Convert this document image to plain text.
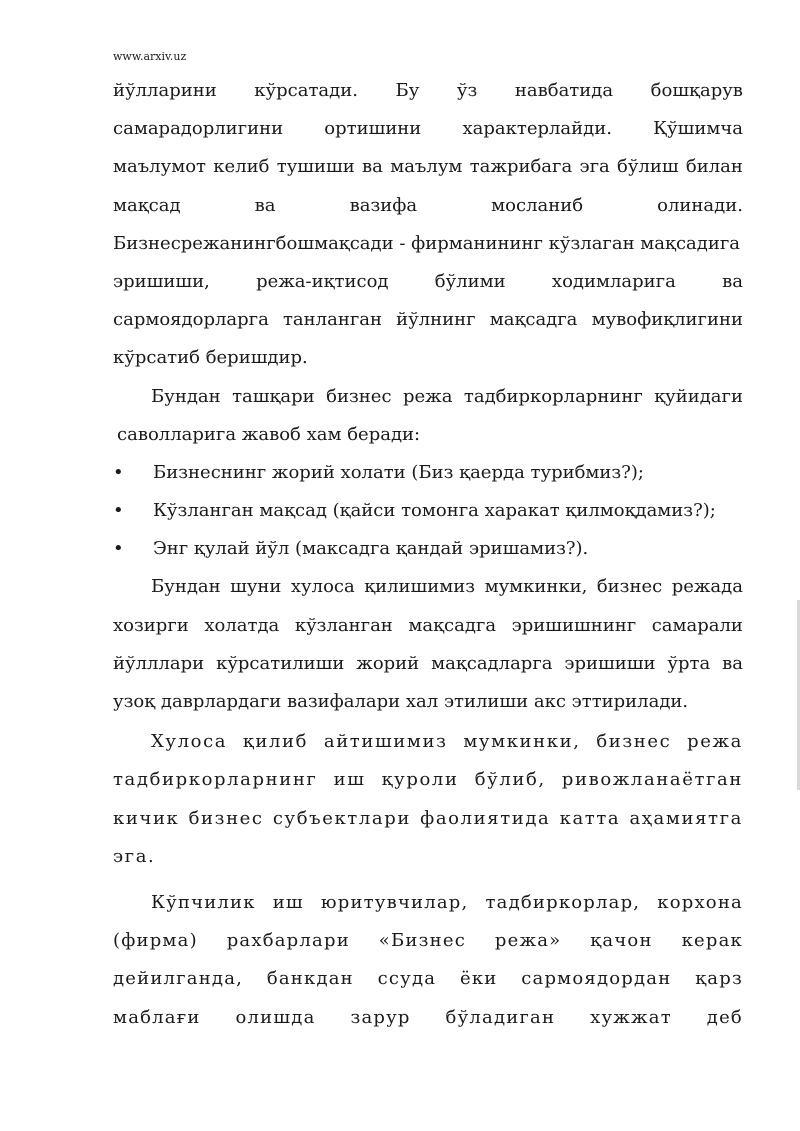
www.arxiv.uz
йўлларини кўрсатади. Бу ўз навбатида бошқарув
самарадорлигини ортишини характерлайди. Қўшимча
маълумот келиб тушиши ва маълум тажрибага эга бўлиш билан
мақсад	ва	вазифа	мосланиб	олинади.
Бизнесрежанингбошмақсади - фирманининг кўзлаган мақсадига
эришиши,	режа-иқтисод	бўлими	ходимларига	ва
сармоядорларга танланган йўлнинг мақсадга мувофиқлигини
кўрсатиб беришдир.
Бундан ташқари бизнес режа тадбиркорларнинг қуйидаги
саволларига жавоб хам беради:
•	Бизнеснинг жорий холати (Биз қаерда турибмиз?);
•	Кўзланган мақсад (қайси томонга харакат қилмоқдамиз?);
•	Энг қулай йўл (максадга қандай эришамиз?).
Бундан шуни хулоса қилишимиз мумкинки, бизнес режада
хозирги холатда кўзланган мақсадга эришишнинг самарали
йўлллари кўрсатилиши жорий мақсадларга эришиши ўрта ва
узоқ даврлардаги вазифалари хал этилиши акс эттирилади.
Хулоса қилиб айтишимиз мумкинки, бизнес режа
тадбиркорларнинг иш қуроли бўлиб, ривожланаётган
кичик бизнес субъектлари фаолиятида катта аҳамиятга
эга.
Кўпчилик иш юритувчилар, тадбиркорлар, корхона
(фирма) рахбарлари «Бизнес режа» қачон керак
дейилганда, банкдан ссуда ёки сармоядордан қарз
маблағи олишда зарур бўладиган хужжат деб
